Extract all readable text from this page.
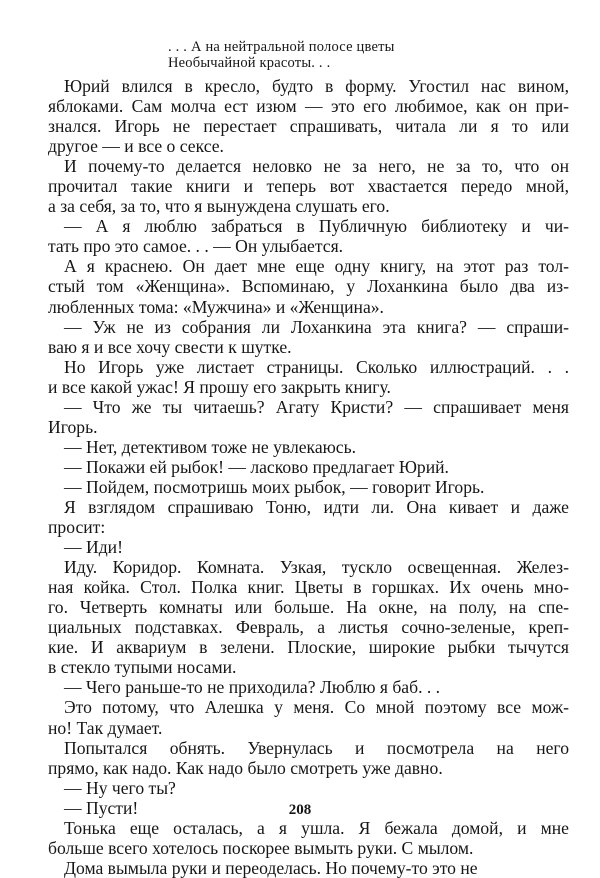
. . . А на нейтральной полосе цветы
Необычайной красоты. . .

Юрий влился в кресло, будто в форму. Угостил нас вином,
яблоками. Сам молча ест изюм — это его любимое, как он при-
знался. Игорь не перестает спрашивать, читала ли я то или
другое — и все о сексе.

И почему-то делается неловко не за него, не за то, что он
прочитал такие книги и теперь вот хвастается передо мной,
а за себя, за то, что я вынуждена слушать его.

— А я люблю забраться в Публичную библиотеку и чи-
тать про это самое. . . — Он улыбается.

А я краснею. Он дает мне еще одну книгу, на этот раз тол-
стый том «Женщина». Вспоминаю, у Лоханкина было два из-
любленных тома: «Мужчина» и «Женщина».

— Уж не из собрания ли Лоханкина эта книга? — спраши-
ваю я и все хочу свести к шутке.

Но Игорь уже листает страницы. Сколько иллюстраций. . .
и все какой ужас! Я прошу его закрыть книгу.

— Что же ты читаешь? Агату Кристи? — спрашивает меня
Игорь.

— Нет, детективом тоже не увлекаюсь.

— Покажи ей рыбок! — ласково предлагает Юрий.

— Пойдем, посмотришь моих рыбок, — говорит Игорь.

Я взглядом спрашиваю Тоню, идти ли. Она кивает и даже
просит:

— Иди!

Иду. Коридор. Комната. Узкая, тускло освещенная. Желез-
ная койка. Стол. Полка книг. Цветы в горшках. Их очень мно-
го. Четверть комнаты или больше. На окне, на полу, на спе-
циальных подставках. Февраль, а листья сочно-зеленые, креп-
кие. И аквариум в зелени. Плоские, широкие рыбки тычутся
в стекло тупыми носами.

— Чего раньше-то не приходила? Люблю я баб. . .

Это потому, что Алешка у меня. Со мной поэтому все мож-
но! Так думает.

Попытался обнять. Увернулась и посмотрела на него
прямо, как надо. Как надо было смотреть уже давно.

— Ну чего ты?

— Пусти!

Тонька еще осталась, а я ушла. Я бежала домой, и мне
больше всего хотелось поскорее вымыть руки. С мылом.

Дома вымыла руки и переоделась. Но почему-то это не

208
